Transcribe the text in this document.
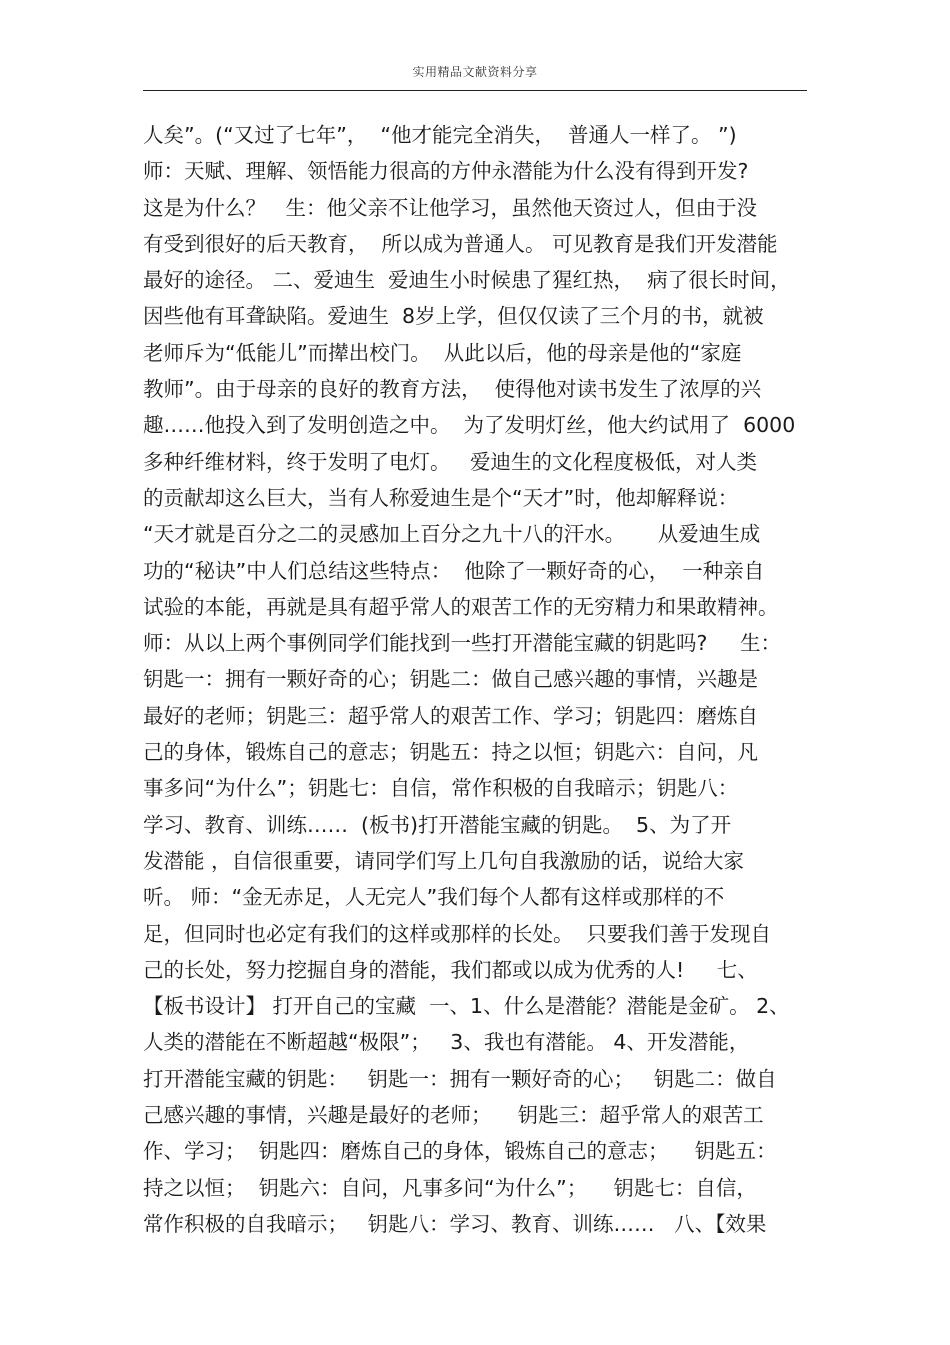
实用精品文献资料分享
人矣”。(“又过了七年”，  “他才能完全消失，  普通人一样了。 ”)
师：天赋、理解、领悟能力很高的方仲永潜能为什么没有得到开发?
这是为什么？   生：他父亲不让他学习，虽然他天资过人，但由于没
有受到很好的后天教育，  所以成为普通人。 可见教育是我们开发潜能
最好的途径。 二、爱迪生  爱迪生小时候患了猩红热，  病了很长时间，
因些他有耳聋缺陷。爱迪生  8岁上学，但仅仅读了三个月的书，就被
老师斥为“低能儿”而撵出校门。  从此以后，他的母亲是他的“家庭
教师”。由于母亲的良好的教育方法，  使得他对读书发生了浓厚的兴
趣……他投入到了发明创造之中。  为了发明灯丝，他大约试用了  6000
多种纤维材料，终于发明了电灯。   爱迪生的文化程度极低，对人类
的贡献却这么巨大，当有人称爱迪生是个“天才”时，他却解释说：
“天才就是百分之二的灵感加上百分之九十八的汗水。     从爱迪生成
功的“秘诀”中人们总结这些特点：  他除了一颗好奇的心，  一种亲自
试验的本能，再就是具有超乎常人的艰苦工作的无穷精力和果敢精神。
师：从以上两个事例同学们能找到一些打开潜能宝藏的钥匙吗?     生：
钥匙一：拥有一颗好奇的心；钥匙二：做自己感兴趣的事情，兴趣是
最好的老师；钥匙三：超乎常人的艰苦工作、学习；钥匙四：磨炼自
己的身体，锻炼自己的意志；钥匙五：持之以恒；钥匙六：自问，凡
事多问“为什么”；钥匙七：自信，常作积极的自我暗示；钥匙八：
学习、教育、训练……  (板书)打开潜能宝藏的钥匙。  5、为了开
发潜能 ，自信很重要，请同学们写上几句自我激励的话，说给大家
听。 师：“金无赤足，人无完人”我们每个人都有这样或那样的不
足，但同时也必定有我们的这样或那样的长处。  只要我们善于发现自
己的长处，努力挖掘自身的潜能，我们都或以成为优秀的人!     七、
【板书设计】 打开自己的宝藏  一、1、什么是潜能？潜能是金矿。 2、
人类的潜能在不断超越“极限”；   3、我也有潜能。 4、开发潜能，
打开潜能宝藏的钥匙：   钥匙一：拥有一颗好奇的心；   钥匙二：做自
己感兴趣的事情，兴趣是最好的老师；    钥匙三：超乎常人的艰苦工
作、学习；  钥匙四：磨炼自己的身体，锻炼自己的意志；    钥匙五：
持之以恒；  钥匙六：自问，凡事多问“为什么”；    钥匙七：自信，
常作积极的自我暗示；   钥匙八：学习、教育、训练……   八、【效果
